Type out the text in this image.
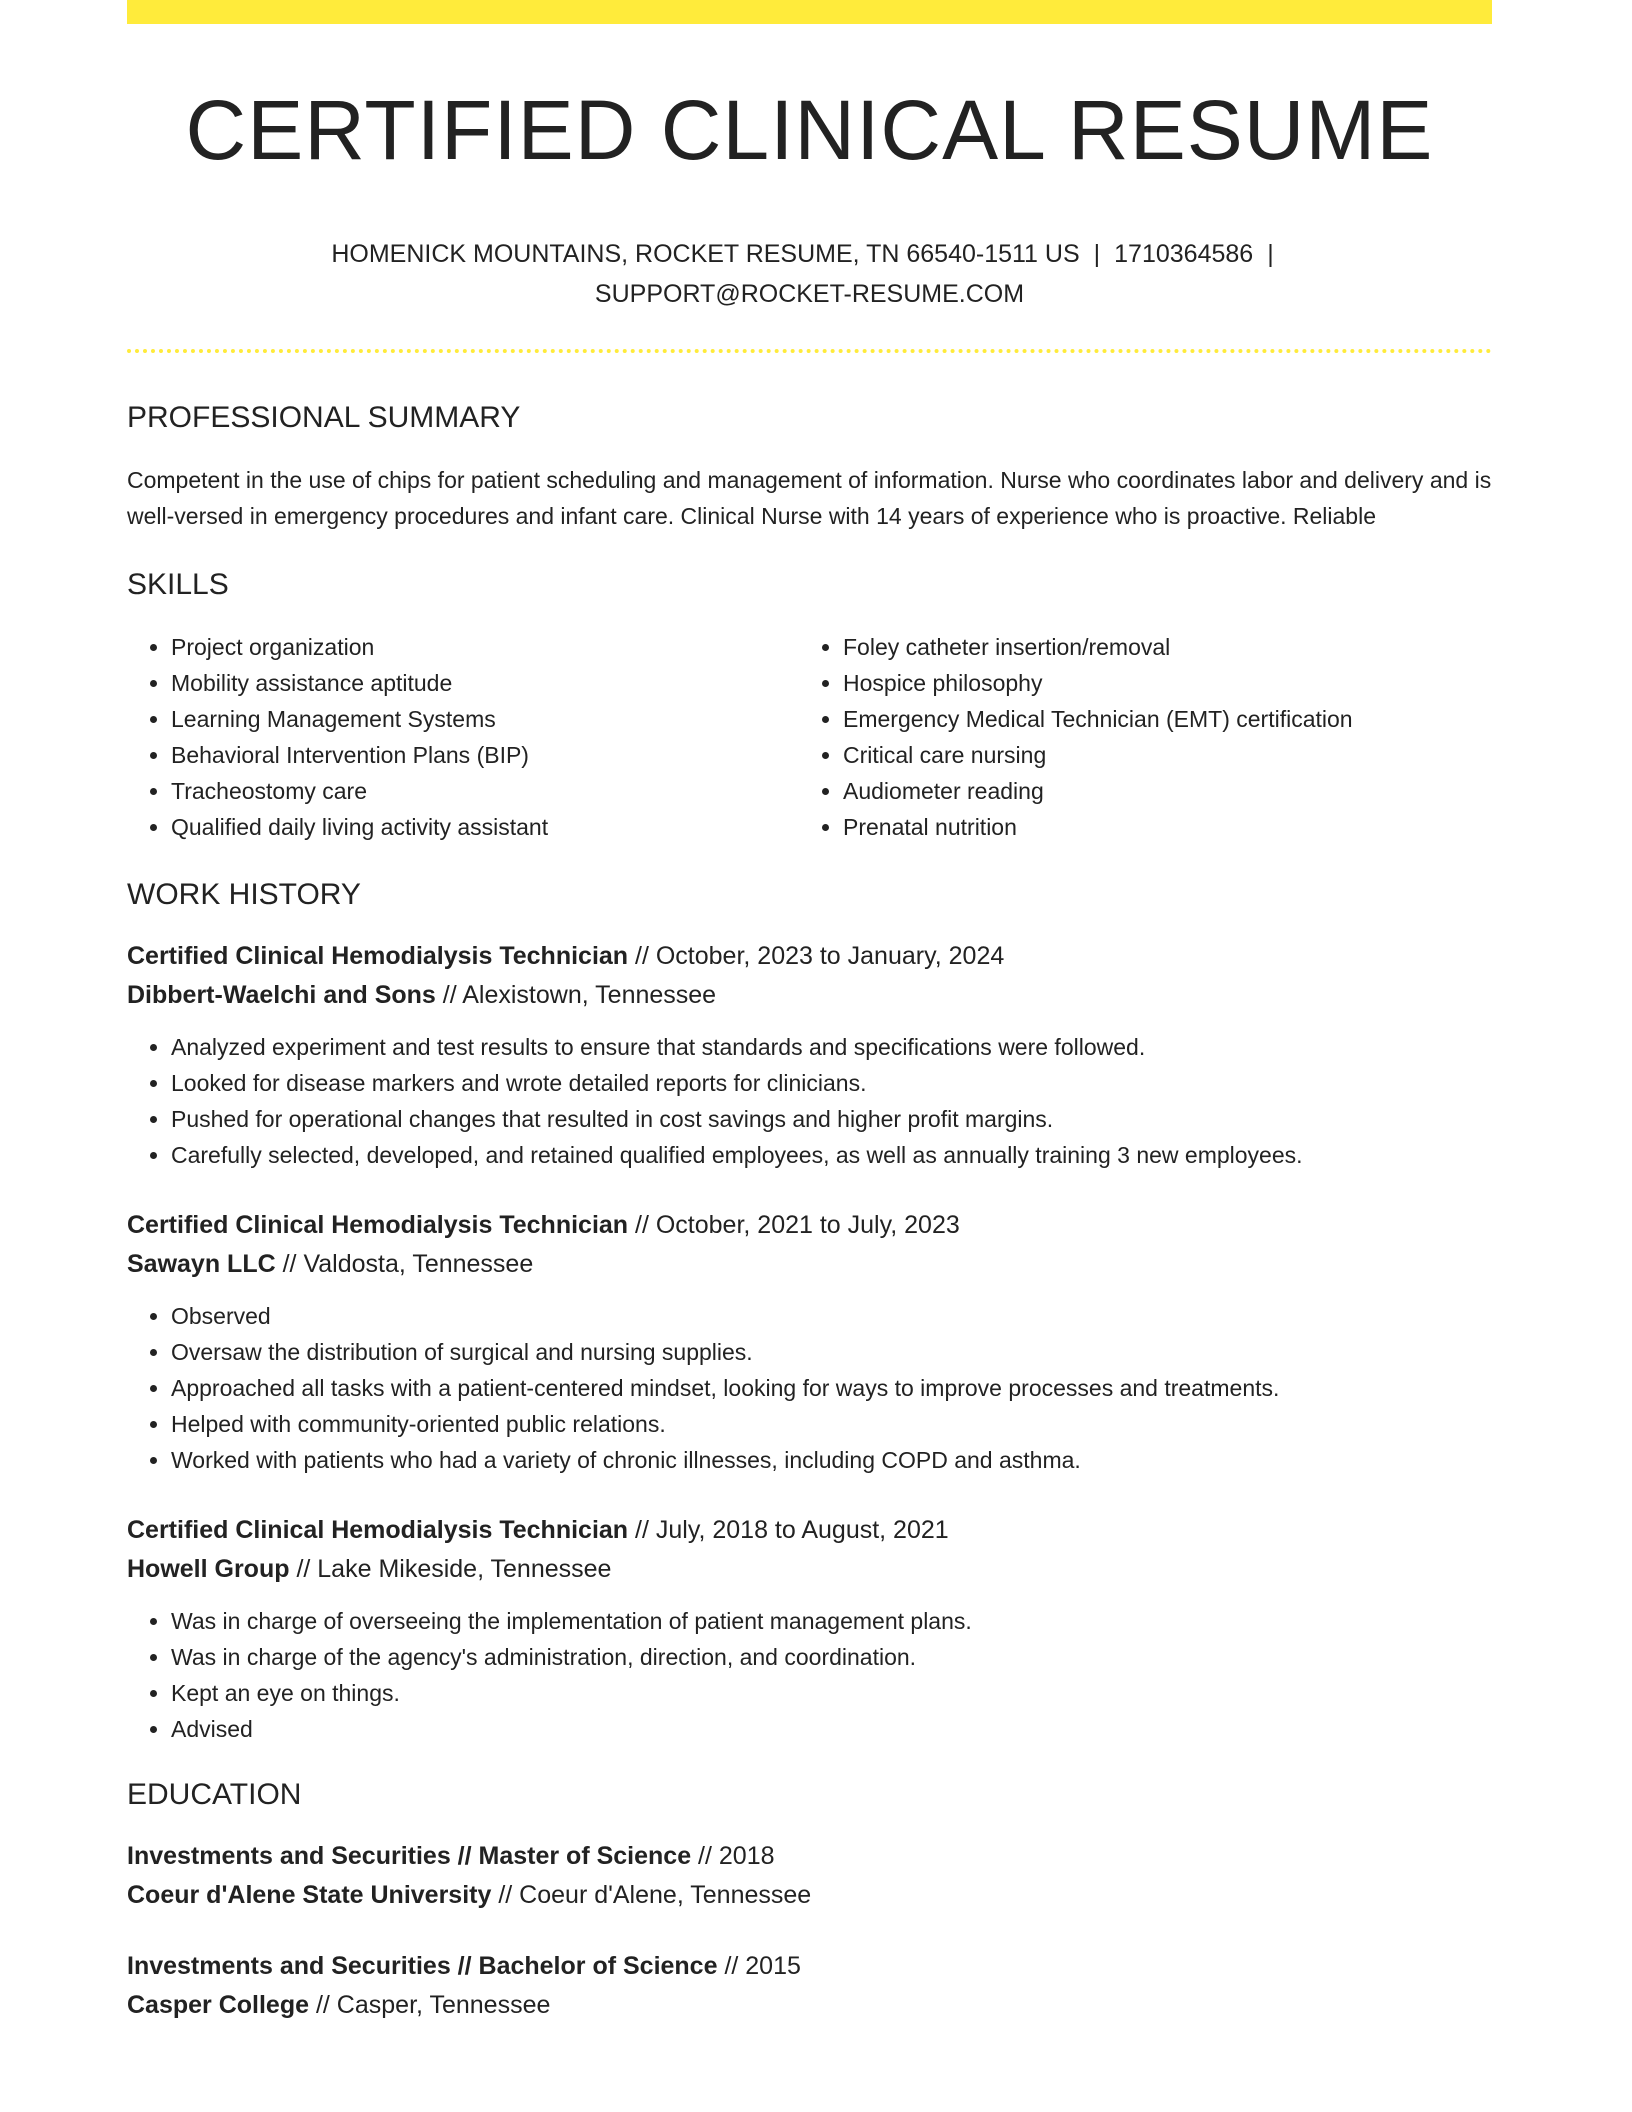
CERTIFIED CLINICAL RESUME
HOMENICK MOUNTAINS, ROCKET RESUME, TN 66540-1511 US | 1710364586 |
SUPPORT@ROCKET-RESUME.COM
PROFESSIONAL SUMMARY
Competent in the use of chips for patient scheduling and management of information. Nurse who coordinates labor and delivery and is well-versed in emergency procedures and infant care. Clinical Nurse with 14 years of experience who is proactive. Reliable
SKILLS
• Project organization
• Mobility assistance aptitude
• Learning Management Systems
• Behavioral Intervention Plans (BIP)
• Tracheostomy care
• Qualified daily living activity assistant
• Foley catheter insertion/removal
• Hospice philosophy
• Emergency Medical Technician (EMT) certification
• Critical care nursing
• Audiometer reading
• Prenatal nutrition
WORK HISTORY
Certified Clinical Hemodialysis Technician // October, 2023 to January, 2024
Dibbert-Waelchi and Sons // Alexistown, Tennessee
• Analyzed experiment and test results to ensure that standards and specifications were followed.
• Looked for disease markers and wrote detailed reports for clinicians.
• Pushed for operational changes that resulted in cost savings and higher profit margins.
• Carefully selected, developed, and retained qualified employees, as well as annually training 3 new employees.
Certified Clinical Hemodialysis Technician // October, 2021 to July, 2023
Sawayn LLC // Valdosta, Tennessee
• Observed
• Oversaw the distribution of surgical and nursing supplies.
• Approached all tasks with a patient-centered mindset, looking for ways to improve processes and treatments.
• Helped with community-oriented public relations.
• Worked with patients who had a variety of chronic illnesses, including COPD and asthma.
Certified Clinical Hemodialysis Technician // July, 2018 to August, 2021
Howell Group // Lake Mikeside, Tennessee
• Was in charge of overseeing the implementation of patient management plans.
• Was in charge of the agency's administration, direction, and coordination.
• Kept an eye on things.
• Advised
EDUCATION
Investments and Securities // Master of Science // 2018
Coeur d'Alene State University // Coeur d'Alene, Tennessee
Investments and Securities // Bachelor of Science // 2015
Casper College // Casper, Tennessee
